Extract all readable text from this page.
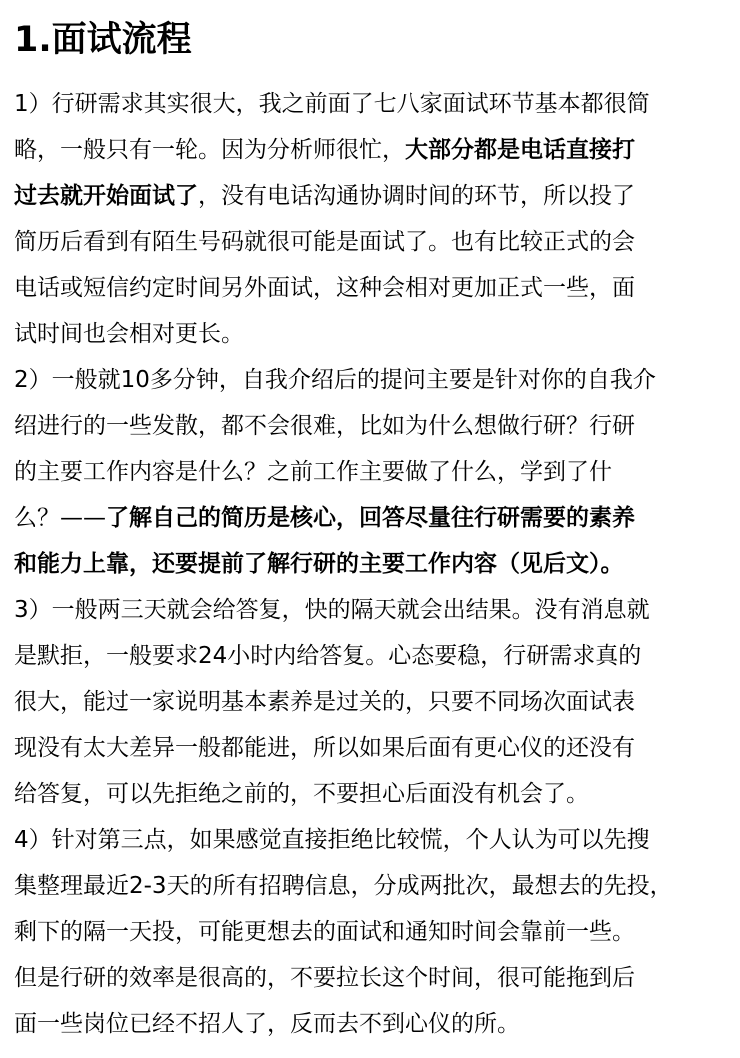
1.面试流程

1）行研需求其实很大，我之前面了七八家面试环节基本都很简
略，一般只有一轮。因为分析师很忙，大部分都是电话直接打
过去就开始面试了，没有电话沟通协调时间的环节，所以投了
简历后看到有陌生号码就很可能是面试了。也有比较正式的会
电话或短信约定时间另外面试，这种会相对更加正式一些，面
试时间也会相对更长。

2）一般就10多分钟，自我介绍后的提问主要是针对你的自我介
绍进行的一些发散，都不会很难，比如为什么想做行研？行研
的主要工作内容是什么？之前工作主要做了什么，学到了什
么？——了解自己的简历是核心，回答尽量往行研需要的素养
和能力上靠，还要提前了解行研的主要工作内容（见后文）。

3）一般两三天就会给答复，快的隔天就会出结果。没有消息就
是默拒，一般要求24小时内给答复。心态要稳，行研需求真的
很大，能过一家说明基本素养是过关的，只要不同场次面试表
现没有太大差异一般都能进，所以如果后面有更心仪的还没有
给答复，可以先拒绝之前的，不要担心后面没有机会了。

4）针对第三点，如果感觉直接拒绝比较慌，个人认为可以先搜
集整理最近2-3天的所有招聘信息，分成两批次，最想去的先投，
剩下的隔一天投，可能更想去的面试和通知时间会靠前一些。
但是行研的效率是很高的，不要拉长这个时间，很可能拖到后
面一些岗位已经不招人了，反而去不到心仪的所。
